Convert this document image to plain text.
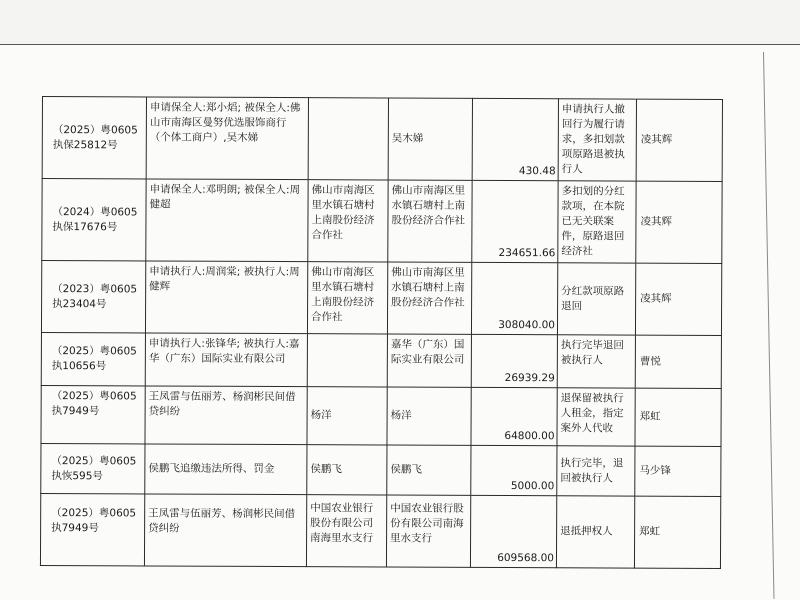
（2025）粤0605执保25812号	申请保全人:郑小熖; 被保全人:佛山市南海区曼努优选服饰商行（个体工商户）,吴木娣		吴木娣	430.48	申请执行人撤回行为履行请求，多扣划款项原路退被执行人	凌其辉

（2024）粤0605执保17676号	申请保全人:邓明朗; 被保全人:周健超	佛山市南海区里水镇石塘村上南股份经济合作社	佛山市南海区里水镇石塘村上南股份经济合作社	234651.66	多扣划的分红款项，在本院已无关联案件，原路退回经济社	凌其辉

（2023）粤0605执23404号	申请执行人:周润棠; 被执行人:周健辉	佛山市南海区里水镇石塘村上南股份经济合作社	佛山市南海区里水镇石塘村上南股份经济合作社	308040.00	分红款项原路退回	凌其辉

（2025）粤0605执10656号	申请执行人:张锋华; 被执行人:嘉华（广东）国际实业有限公司		嘉华（广东）国际实业有限公司	26939.29	执行完毕退回被执行人	曹悦

（2025）粤0605执7949号	王凤雷与伍丽芳、杨润彬民间借贷纠纷	杨洋	杨洋	64800.00	退保留被执行人租金，指定案外人代收	郑虹

（2025）粤0605执恢595号	侯鹏飞追缴违法所得、罚金	侯鹏飞	侯鹏飞	5000.00	执行完毕，退回被执行人	马少锋

（2025）粤0605执7949号	王凤雷与伍丽芳、杨润彬民间借贷纠纷	中国农业银行股份有限公司南海里水支行	中国农业银行股份有限公司南海里水支行	609568.00	退抵押权人	郑虹
